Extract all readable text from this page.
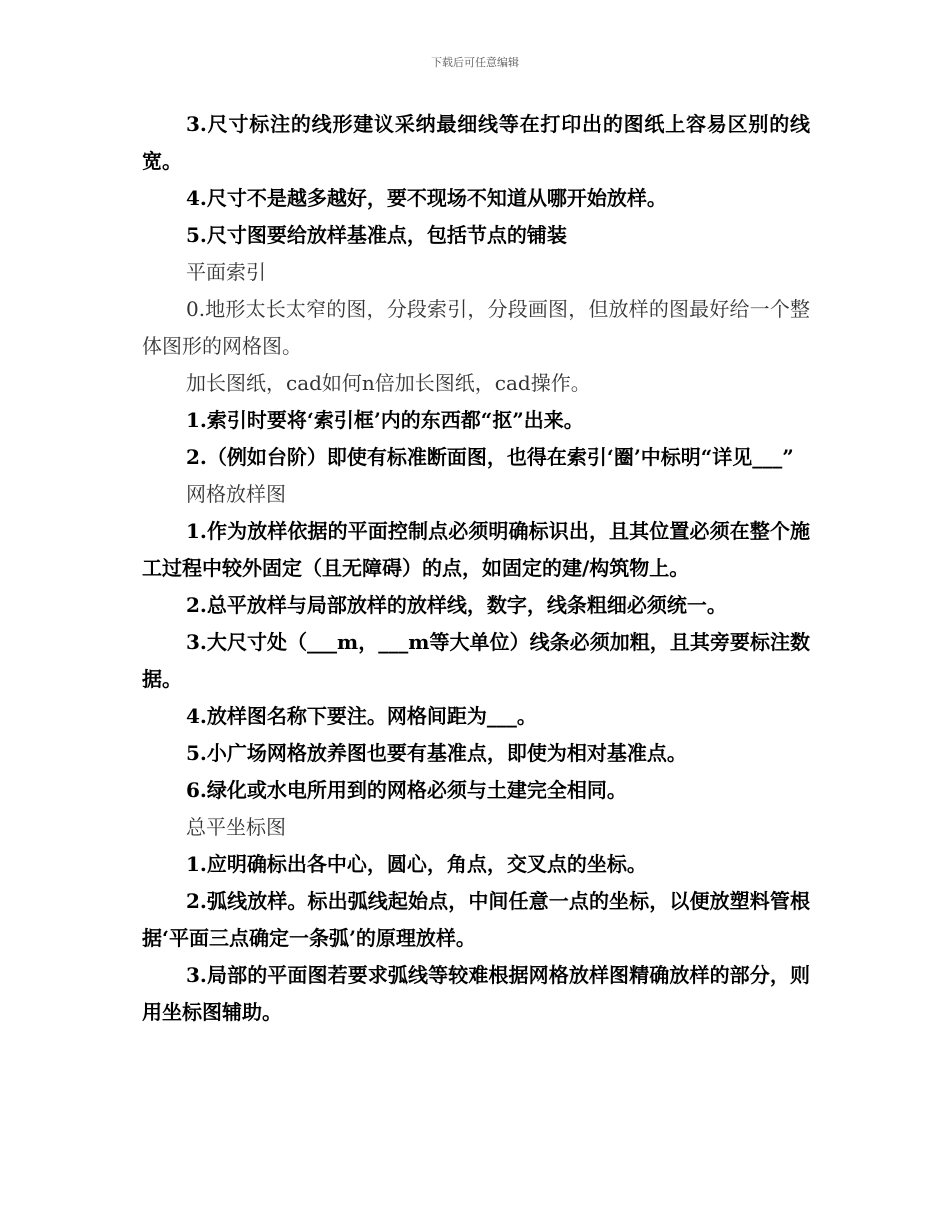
下载后可任意编辑

3.尺寸标注的线形建议采纳最细线等在打印出的图纸上容易区别的线宽。

4.尺寸不是越多越好，要不现场不知道从哪开始放样。

5.尺寸图要给放样基准点，包括节点的铺装

平面索引

0.地形太长太窄的图，分段索引，分段画图，但放样的图最好给一个整体图形的网格图。

加长图纸，cad如何n倍加长图纸，cad操作。

1.索引时要将‘索引框’内的东西都“抠”出来。

2.（例如台阶）即使有标准断面图，也得在索引‘圈’中标明“详见___”

网格放样图

1.作为放样依据的平面控制点必须明确标识出，且其位置必须在整个施工过程中较外固定（且无障碍）的点，如固定的建/构筑物上。

2.总平放样与局部放样的放样线，数字，线条粗细必须统一。

3.大尺寸处（___m，___m等大单位）线条必须加粗，且其旁要标注数据。

4.放样图名称下要注。网格间距为___。

5.小广场网格放养图也要有基准点，即使为相对基准点。

6.绿化或水电所用到的网格必须与土建完全相同。

总平坐标图

1.应明确标出各中心，圆心，角点，交叉点的坐标。

2.弧线放样。标出弧线起始点，中间任意一点的坐标，以便放塑料管根据‘平面三点确定一条弧’的原理放样。

3.局部的平面图若要求弧线等较难根据网格放样图精确放样的部分，则用坐标图辅助。
